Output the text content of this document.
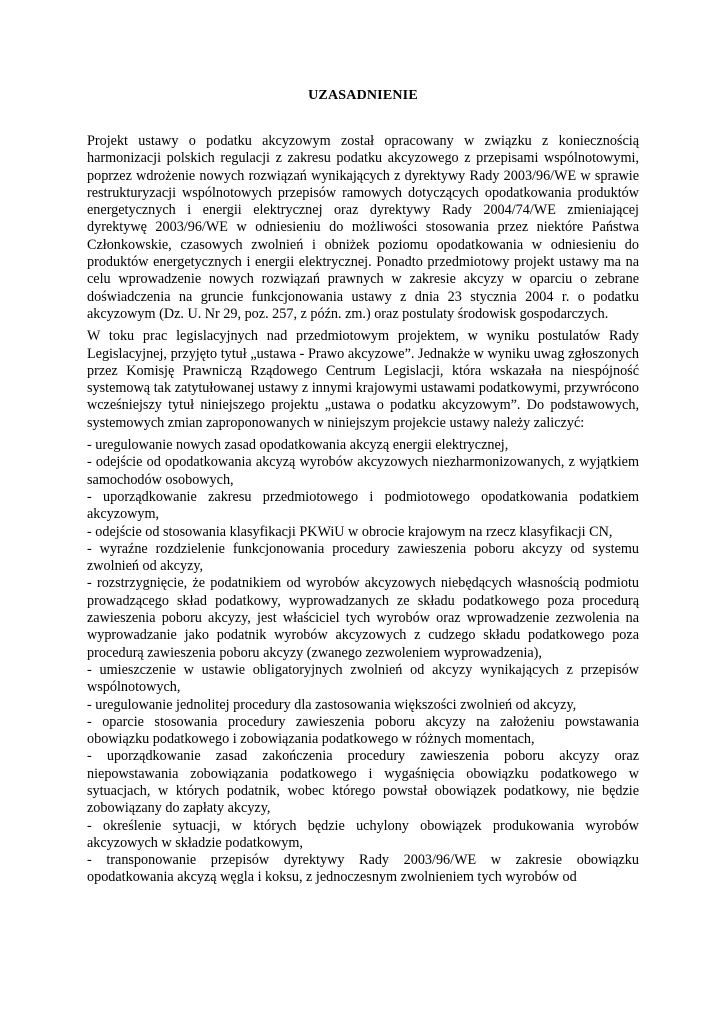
UZASADNIENIE

Projekt ustawy o podatku akcyzowym został opracowany w związku z koniecznością harmonizacji polskich regulacji z zakresu podatku akcyzowego z przepisami wspólnotowymi, poprzez wdrożenie nowych rozwiązań wynikających z dyrektywy Rady 2003/96/WE w sprawie restrukturyzacji wspólnotowych przepisów ramowych dotyczących opodatkowania produktów energetycznych i energii elektrycznej oraz dyrektywy Rady 2004/74/WE zmieniającej dyrektywę 2003/96/WE w odniesieniu do możliwości stosowania przez niektóre Państwa Członkowskie, czasowych zwolnień i obniżek poziomu opodatkowania w odniesieniu do produktów energetycznych i energii elektrycznej. Ponadto przedmiotowy projekt ustawy ma na celu wprowadzenie nowych rozwiązań prawnych w zakresie akcyzy w oparciu o zebrane doświadczenia na gruncie funkcjonowania ustawy z dnia 23 stycznia 2004 r. o podatku akcyzowym (Dz. U. Nr 29, poz. 257, z późn. zm.) oraz postulaty środowisk gospodarczych.

W toku prac legislacyjnych nad przedmiotowym projektem, w wyniku postulatów Rady Legislacyjnej, przyjęto tytuł „ustawa - Prawo akcyzowe”. Jednakże w wyniku uwag zgłoszonych przez Komisję Prawniczą Rządowego Centrum Legislacji, która wskazała na niespójność systemową tak zatytułowanej ustawy z innymi krajowymi ustawami podatkowymi, przywrócono wcześniejszy tytuł niniejszego projektu „ustawa o podatku akcyzowym”. Do podstawowych, systemowych zmian zaproponowanych w niniejszym projekcie ustawy należy zaliczyć:

- uregulowanie nowych zasad opodatkowania akcyzą energii elektrycznej,
- odejście od opodatkowania akcyzą wyrobów akcyzowych niezharmonizowanych, z wyjątkiem samochodów osobowych,
- uporządkowanie zakresu przedmiotowego i podmiotowego opodatkowania podatkiem akcyzowym,
- odejście od stosowania klasyfikacji PKWiU w obrocie krajowym na rzecz klasyfikacji CN,
- wyraźne rozdzielenie funkcjonowania procedury zawieszenia poboru akcyzy od systemu zwolnień od akcyzy,
- rozstrzygnięcie, że podatnikiem od wyrobów akcyzowych niebędących własnością podmiotu prowadzącego skład podatkowy, wyprowadzanych ze składu podatkowego poza procedurą zawieszenia poboru akcyzy, jest właściciel tych wyrobów oraz wprowadzenie zezwolenia na wyprowadzanie jako podatnik wyrobów akcyzowych z cudzego składu podatkowego poza procedurą zawieszenia poboru akcyzy (zwanego zezwoleniem wyprowadzenia),
- umieszczenie w ustawie obligatoryjnych zwolnień od akcyzy wynikających z przepisów wspólnotowych,
- uregulowanie jednolitej procedury dla zastosowania większości zwolnień od akcyzy,
- oparcie stosowania procedury zawieszenia poboru akcyzy na założeniu powstawania obowiązku podatkowego i zobowiązania podatkowego w różnych momentach,
- uporządkowanie zasad zakończenia procedury zawieszenia poboru akcyzy oraz niepowstawania zobowiązania podatkowego i wygaśnięcia obowiązku podatkowego w sytuacjach, w których podatnik, wobec którego powstał obowiązek podatkowy, nie będzie zobowiązany do zapłaty akcyzy,
- określenie sytuacji, w których będzie uchylony obowiązek produkowania wyrobów akcyzowych w składzie podatkowym,
- transponowanie przepisów dyrektywy Rady 2003/96/WE w zakresie obowiązku opodatkowania akcyzą węgla i koksu, z jednoczesnym zwolnieniem tych wyrobów od
